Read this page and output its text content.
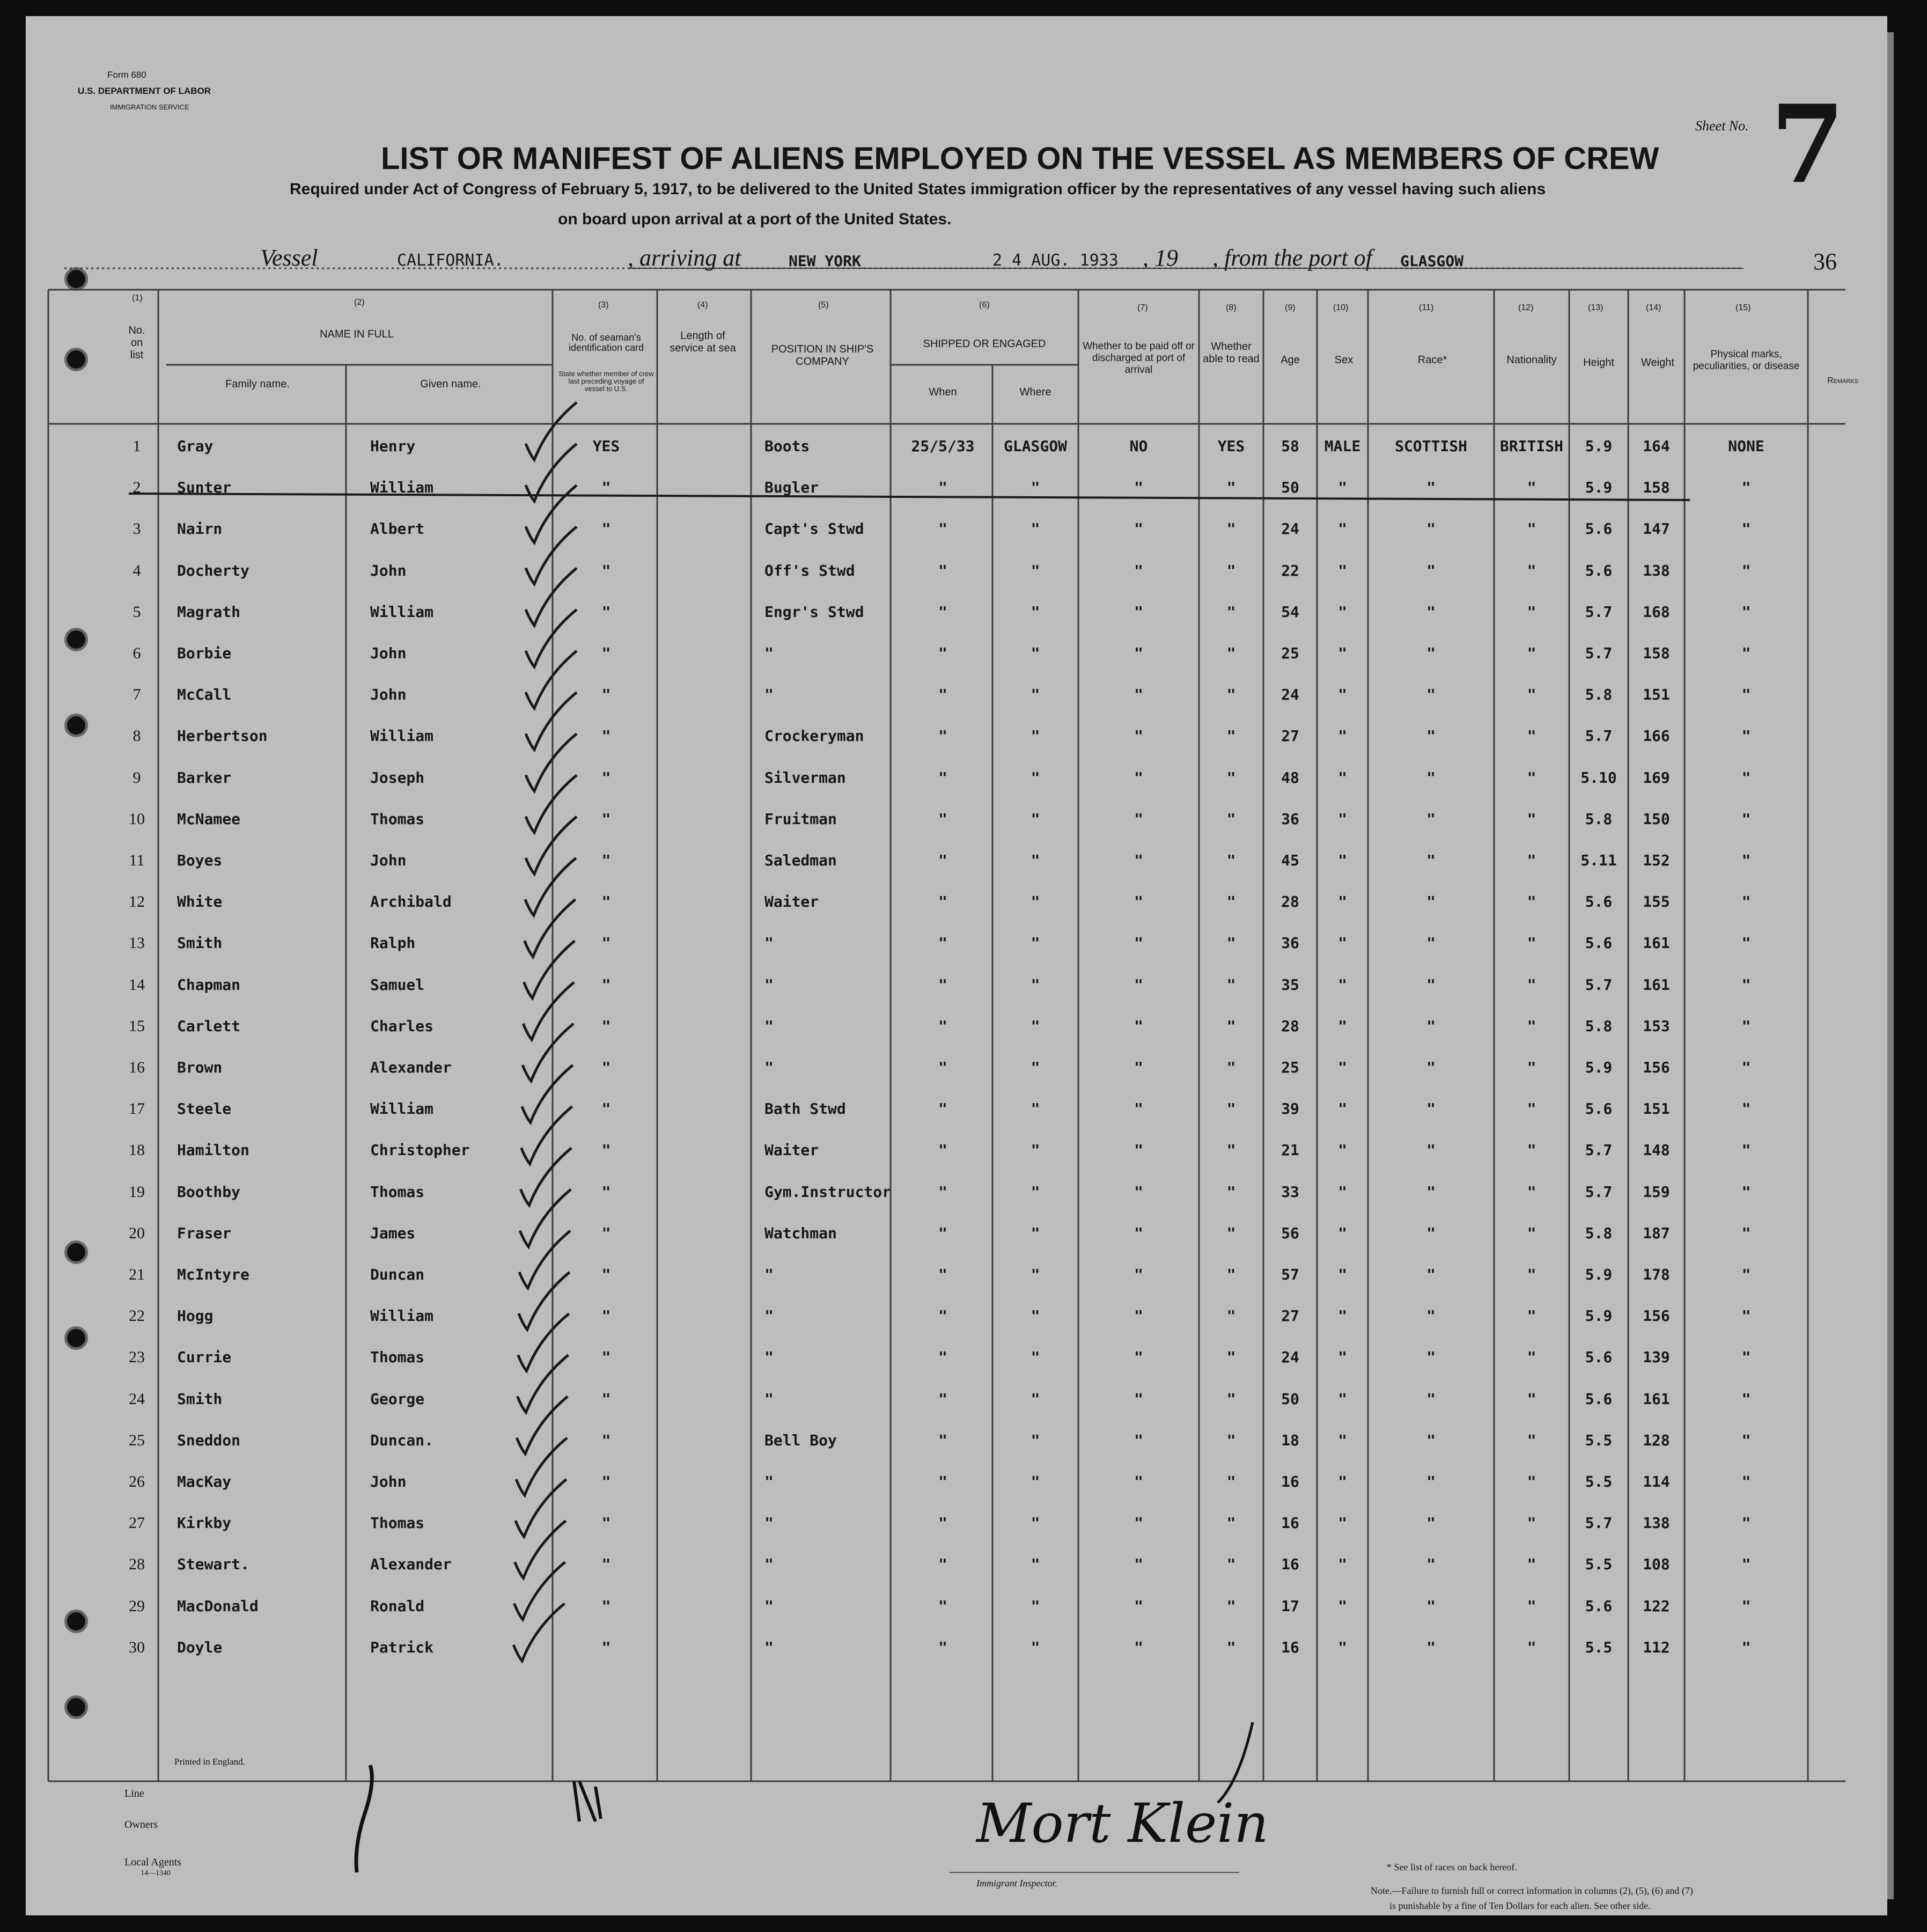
Form 680
U.S. DEPARTMENT OF LABOR
IMMIGRATION SERVICE
Sheet No. 7
LIST OR MANIFEST OF ALIENS EMPLOYED ON THE VESSEL AS MEMBERS OF CREW
Required under Act of Congress of February 5, 1917, to be delivered to the United States immigration officer by the representatives of any vessel having such aliens
on board upon arrival at a port of the United States.
Vessel	CALIFORNIA.	, arriving at	NEW YORK	2 4 AUG. 1933 , 19 , from the port of GLASGOW	36
(1)
No. on list
(2)
NAME IN FULL
Family name.	Given name.
(3)
No. of seaman's identification card
State whether member of crew last preceding voyage of vessel to U.S.
(4)
Length of service at sea
(5)
POSITION IN SHIP'S COMPANY
(6)
SHIPPED OR ENGAGED
When	Where
(7)
Whether to be paid off or discharged at port of arrival
(8)
Whether able to read
(9)
Age
(10)
Sex
(11)
Race*
(12)
Nationality
(13)
Height
(14)
Weight
(15)
Physical marks, peculiarities, or disease
Remarks
1	Gray	Henry	YES	Boots	25/5/33	GLASGOW	NO	YES	58	MALE	SCOTTISH	BRITISH	5.9	164	NONE
2	Sunter	William	"	Bugler	"	"	"	"	50	"	"	"	5.9	158	"
3	Nairn	Albert	"	Capt's Stwd	"	"	"	"	24	"	"	"	5.6	147	"
4	Docherty	John	"	Off's Stwd	"	"	"	"	22	"	"	"	5.6	138	"
5	Magrath	William	"	Engr's Stwd	"	"	"	"	54	"	"	"	5.7	168	"
6	Borbie	John	"	"	"	"	"	"	25	"	"	"	5.7	158	"
7	McCall	John	"	"	"	"	"	"	24	"	"	"	5.8	151	"
8	Herbertson	William	"	Crockeryman	"	"	"	"	27	"	"	"	5.7	166	"
9	Barker	Joseph	"	Silverman	"	"	"	"	48	"	"	"	5.10	169	"
10	McNamee	Thomas	"	Fruitman	"	"	"	"	36	"	"	"	5.8	150	"
11	Boyes	John	"	Saledman	"	"	"	"	45	"	"	"	5.11	152	"
12	White	Archibald	"	Waiter	"	"	"	"	28	"	"	"	5.6	155	"
13	Smith	Ralph	"	"	"	"	"	"	36	"	"	"	5.6	161	"
14	Chapman	Samuel	"	"	"	"	"	"	35	"	"	"	5.7	161	"
15	Carlett	Charles	"	"	"	"	"	"	28	"	"	"	5.8	153	"
16	Brown	Alexander	"	"	"	"	"	"	25	"	"	"	5.9	156	"
17	Steele	William	"	Bath Stwd	"	"	"	"	39	"	"	"	5.6	151	"
18	Hamilton	Christopher	"	Waiter	"	"	"	"	21	"	"	"	5.7	148	"
19	Boothby	Thomas	"	Gym.Instructor	"	"	"	"	33	"	"	"	5.7	159	"
20	Fraser	James	"	Watchman	"	"	"	"	56	"	"	"	5.8	187	"
21	McIntyre	Duncan	"	"	"	"	"	"	57	"	"	"	5.9	178	"
22	Hogg	William	"	"	"	"	"	"	27	"	"	"	5.9	156	"
23	Currie	Thomas	"	"	"	"	"	"	24	"	"	"	5.6	139	"
24	Smith	George	"	"	"	"	"	"	50	"	"	"	5.6	161	"
25	Sneddon	Duncan.	"	Bell Boy	"	"	"	"	18	"	"	"	5.5	128	"
26	MacKay	John	"	"	"	"	"	"	16	"	"	"	5.5	114	"
27	Kirkby	Thomas	"	"	"	"	"	"	16	"	"	"	5.7	138	"
28	Stewart.	Alexander	"	"	"	"	"	"	16	"	"	"	5.5	108	"
29	MacDonald	Ronald	"	"	"	"	"	"	17	"	"	"	5.6	122	"
30	Doyle	Patrick	"	"	"	"	"	"	16	"	"	"	5.5	112	"
Printed in England.
Line
Owners
Local Agents
14—1340
Mort Klein
Immigrant Inspector.
* See list of races on back hereof.
Note.—Failure to furnish full or correct information in columns (2), (5), (6) and (7)
is punishable by a fine of Ten Dollars for each alien. See other side.
